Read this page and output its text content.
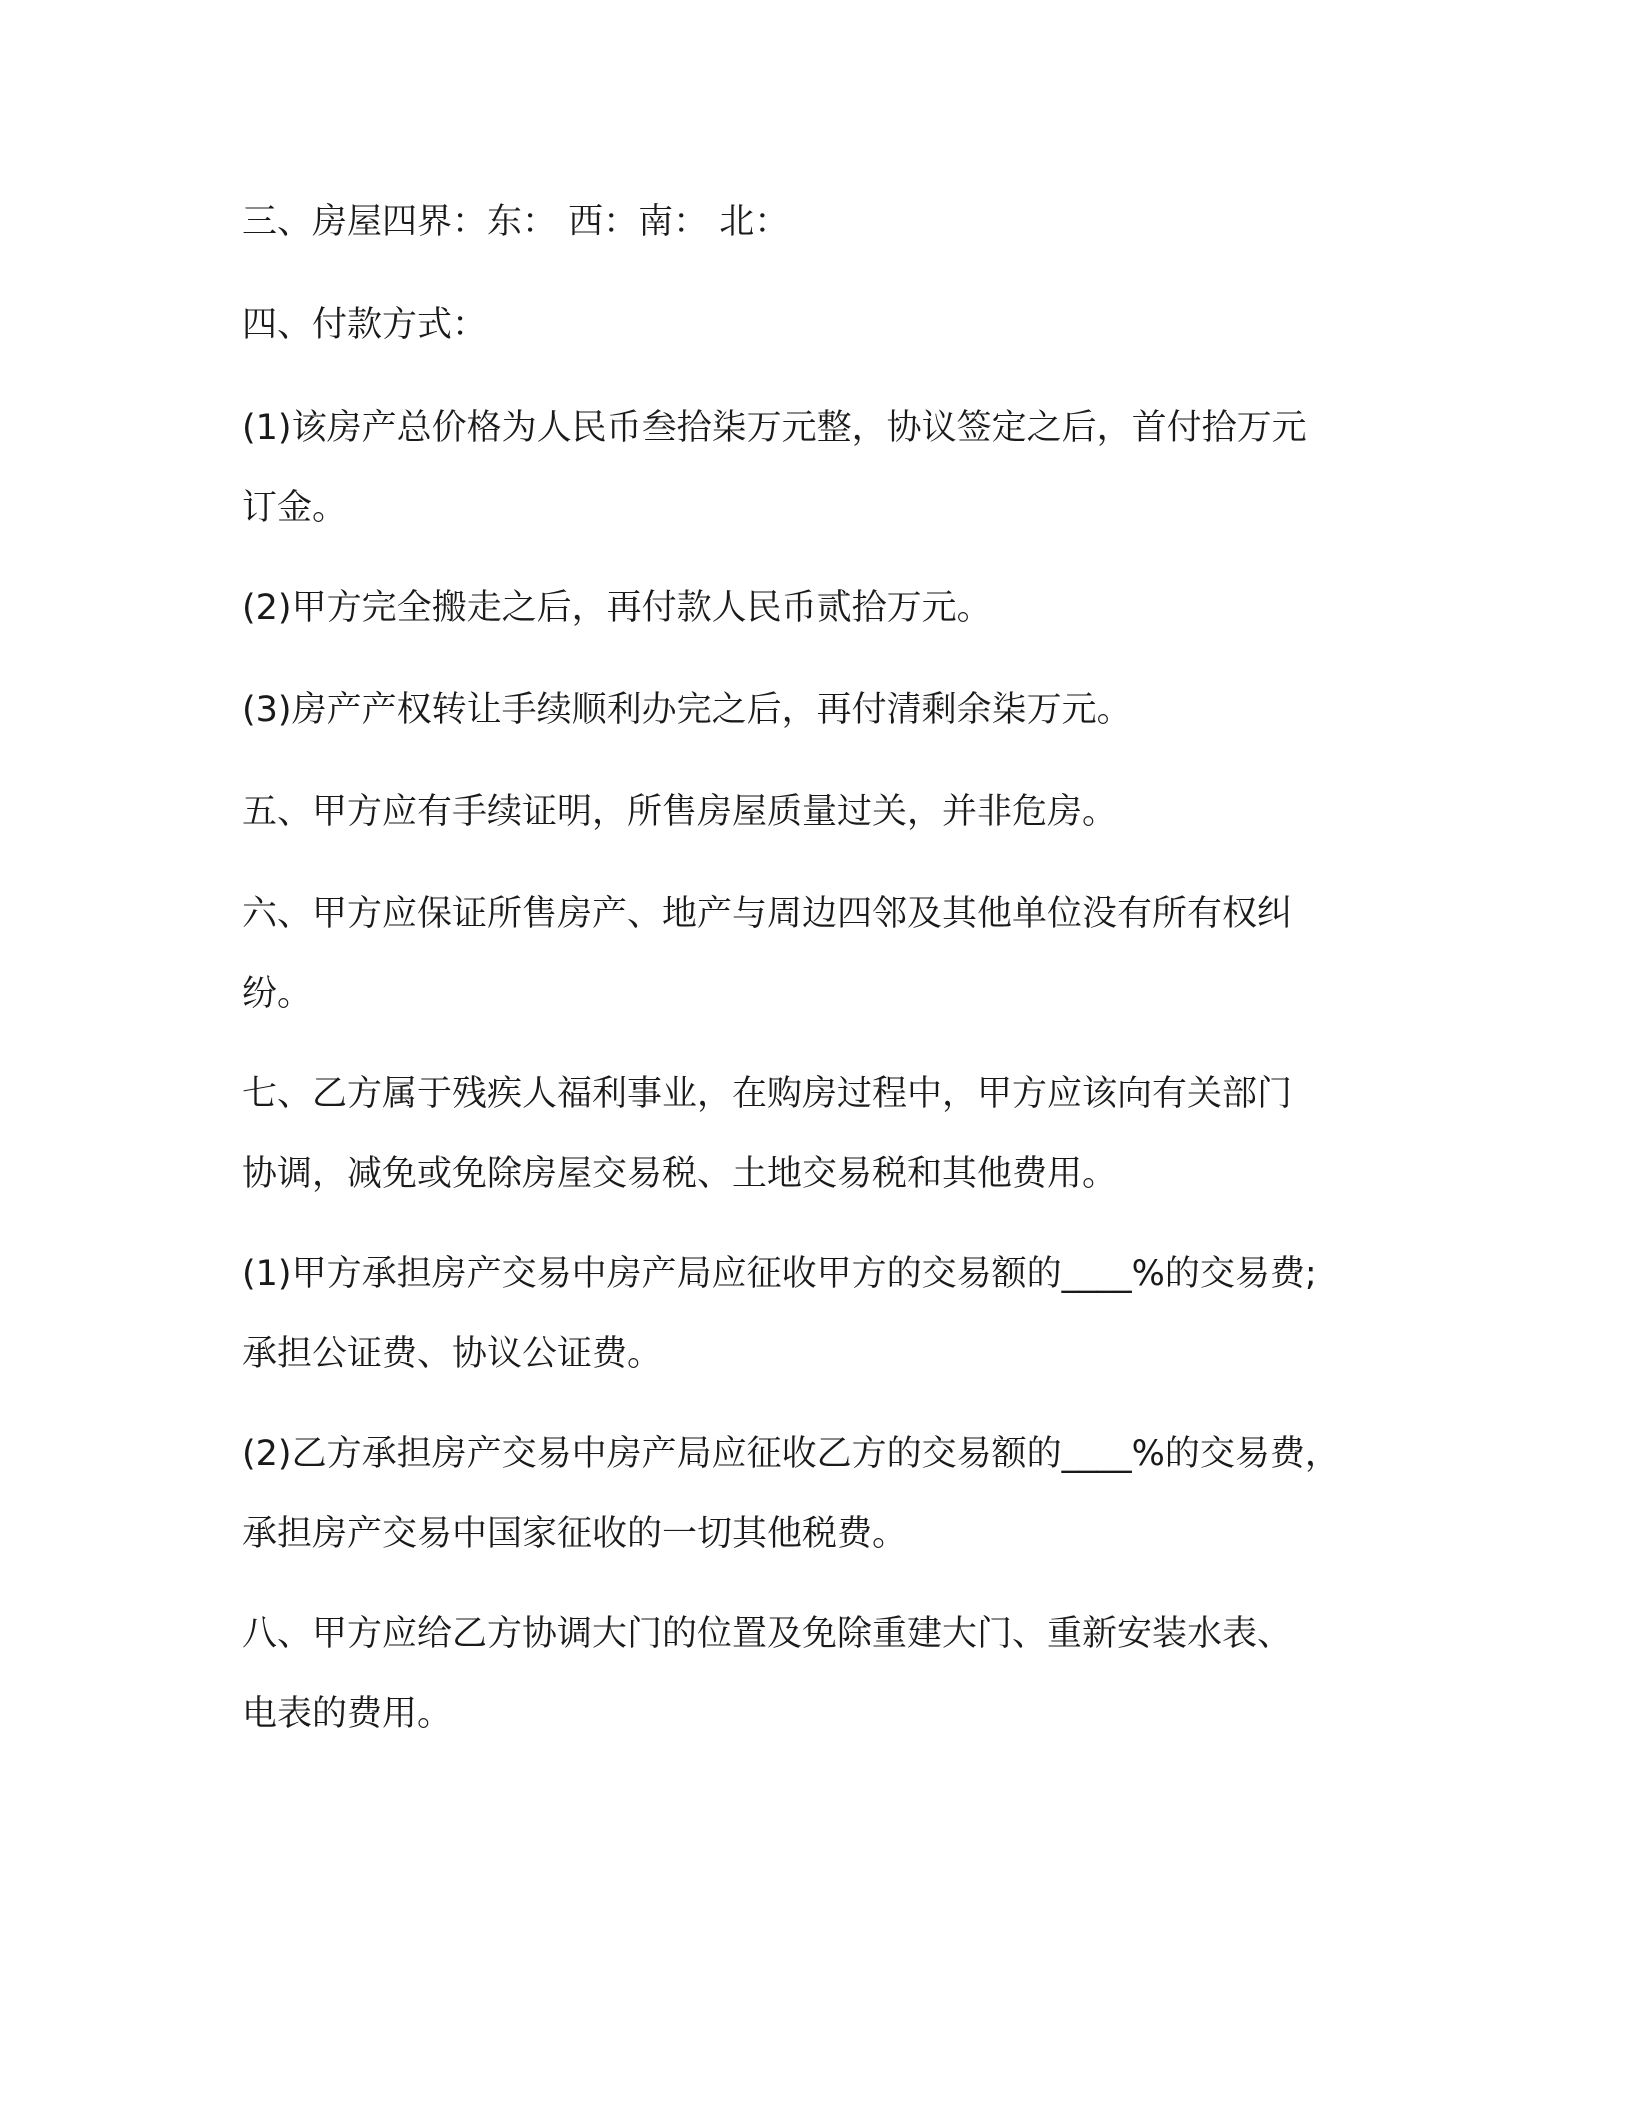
三、房屋四界：东： 西：南： 北：
四、付款方式：
(1)该房产总价格为人民币叁拾柒万元整，协议签定之后，首付拾万元
订金。
(2)甲方完全搬走之后，再付款人民币贰拾万元。
(3)房产产权转让手续顺利办完之后，再付清剩余柒万元。
五、甲方应有手续证明，所售房屋质量过关，并非危房。
六、甲方应保证所售房产、地产与周边四邻及其他单位没有所有权纠
纷。
七、乙方属于残疾人福利事业，在购房过程中，甲方应该向有关部门
协调，减免或免除房屋交易税、土地交易税和其他费用。
(1)甲方承担房产交易中房产局应征收甲方的交易额的____%的交易费;
承担公证费、协议公证费。
(2)乙方承担房产交易中房产局应征收乙方的交易额的____%的交易费，
承担房产交易中国家征收的一切其他税费。
八、甲方应给乙方协调大门的位置及免除重建大门、重新安装水表、
电表的费用。
